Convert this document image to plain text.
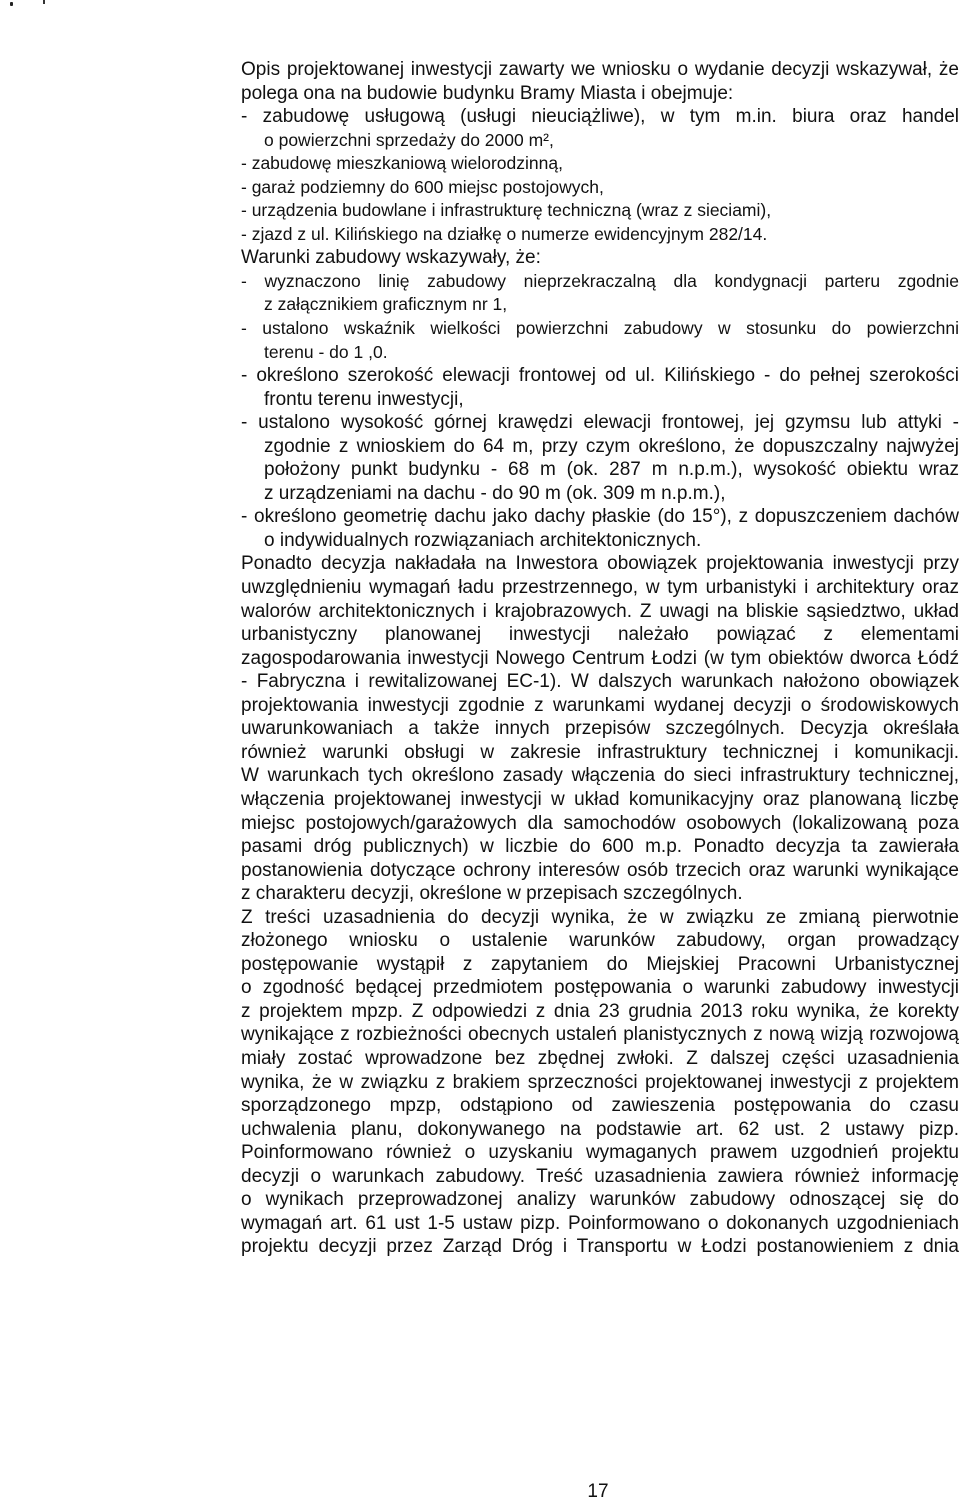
Opis projektowanej inwestycji zawarty we wniosku o wydanie decyzji wskazywał, że
polega ona na budowie budynku Bramy Miasta i obejmuje:
- zabudowę usługową (usługi nieuciążliwe), w tym m.in. biura oraz handel
o powierzchni sprzedaży do 2000 m²,
- zabudowę mieszkaniową wielorodzinną,
- garaż podziemny do 600 miejsc postojowych,
- urządzenia budowlane i infrastrukturę techniczną (wraz z sieciami),
- zjazd z ul. Kilińskiego na działkę o numerze ewidencyjnym 282/14.
Warunki zabudowy wskazywały, że:
- wyznaczono linię zabudowy nieprzekraczalną dla kondygnacji parteru zgodnie
z załącznikiem graficznym nr 1,
- ustalono wskaźnik wielkości powierzchni zabudowy w stosunku do powierzchni
terenu - do 1 ,0.
- określono szerokość elewacji frontowej od ul. Kilińskiego - do pełnej szerokości
frontu terenu inwestycji,
- ustalono wysokość górnej krawędzi elewacji frontowej, jej gzymsu lub attyki -
zgodnie z wnioskiem do 64 m, przy czym określono, że dopuszczalny najwyżej
położony punkt budynku - 68 m (ok. 287 m n.p.m.), wysokość obiektu wraz
z urządzeniami na dachu - do 90 m (ok. 309 m n.p.m.),
- określono geometrię dachu jako dachy płaskie (do 15°), z dopuszczeniem dachów
o indywidualnych rozwiązaniach architektonicznych.
Ponadto decyzja nakładała na Inwestora obowiązek projektowania inwestycji przy
uwzględnieniu wymagań ładu przestrzennego, w tym urbanistyki i architektury oraz
walorów architektonicznych i krajobrazowych. Z uwagi na bliskie sąsiedztwo, układ
urbanistyczny planowanej inwestycji należało powiązać z elementami
zagospodarowania inwestycji Nowego Centrum Łodzi (w tym obiektów dworca Łódź
- Fabryczna i rewitalizowanej EC-1). W dalszych warunkach nałożono obowiązek
projektowania inwestycji zgodnie z warunkami wydanej decyzji o środowiskowych
uwarunkowaniach a także innych przepisów szczególnych. Decyzja określała
również warunki obsługi w zakresie infrastruktury technicznej i komunikacji.
W warunkach tych określono zasady włączenia do sieci infrastruktury technicznej,
włączenia projektowanej inwestycji w układ komunikacyjny oraz planowaną liczbę
miejsc postojowych/garażowych dla samochodów osobowych (lokalizowaną poza
pasami dróg publicznych) w liczbie do 600 m.p. Ponadto decyzja ta zawierała
postanowienia dotyczące ochrony interesów osób trzecich oraz warunki wynikające
z charakteru decyzji, określone w przepisach szczególnych.
Z treści uzasadnienia do decyzji wynika, że w związku ze zmianą pierwotnie
złożonego wniosku o ustalenie warunków zabudowy, organ prowadzący
postępowanie wystąpił z zapytaniem do Miejskiej Pracowni Urbanistycznej
o zgodność będącej przedmiotem postępowania o warunki zabudowy inwestycji
z projektem mpzp. Z odpowiedzi z dnia 23 grudnia 2013 roku wynika, że korekty
wynikające z rozbieżności obecnych ustaleń planistycznych z nową wizją rozwojową
miały zostać wprowadzone bez zbędnej zwłoki. Z dalszej części uzasadnienia
wynika, że w związku z brakiem sprzeczności projektowanej inwestycji z projektem
sporządzonego mpzp, odstąpiono od zawieszenia postępowania do czasu
uchwalenia planu, dokonywanego na podstawie art. 62 ust. 2 ustawy pizp.
Poinformowano również o uzyskaniu wymaganych prawem uzgodnień projektu
decyzji o warunkach zabudowy. Treść uzasadnienia zawiera również informację
o wynikach przeprowadzonej analizy warunków zabudowy odnoszącej się do
wymagań art. 61 ust 1-5 ustaw pizp. Poinformowano o dokonanych uzgodnieniach
projektu decyzji przez Zarząd Dróg i Transportu w Łodzi postanowieniem z dnia
17
